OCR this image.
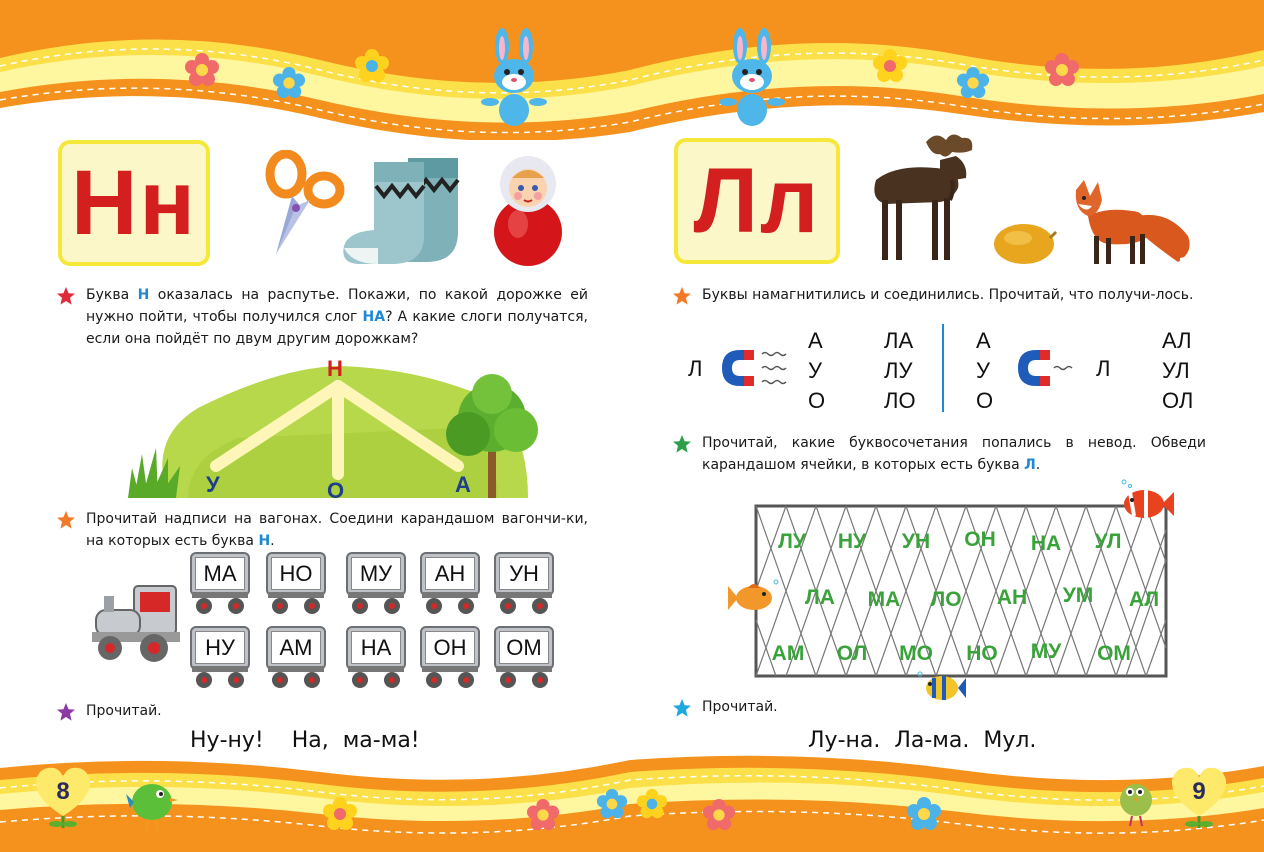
Нн
Буква Н оказалась на распутье. Покажи, по какой дорожке ей нужно пойти, чтобы получился слог НА? А какие слоги получатся, если она пойдёт по двум другим дорожкам?
Н
У	О	А
Прочитай надписи на вагонах. Соедини карандашом вагончи-ки, на которых есть буква Н.
МА	НО	МУ	АН	УН
НУ	АМ	НА	ОН	ОМ
Прочитай.
Ну-ну!    На,  ма-ма!
Лл
Буквы намагнитились и соединились. Прочитай, что получи-лось.
Л
А
У
О
ЛА
ЛУ
ЛО
А
У
О
Л
АЛ
УЛ
ОЛ
Прочитай, какие буквосочетания попались в невод. Обведи карандашом ячейки, в которых есть буква Л.
ЛУ	НУ	УН	ОН	НА	УЛ
ЛА	МА	ЛО	АН	УМ	АЛ
АМ	ОЛ	МО	НО	МУ	ОМ
Прочитай.
Лу-на.  Ла-ма.  Мул.
8	9
